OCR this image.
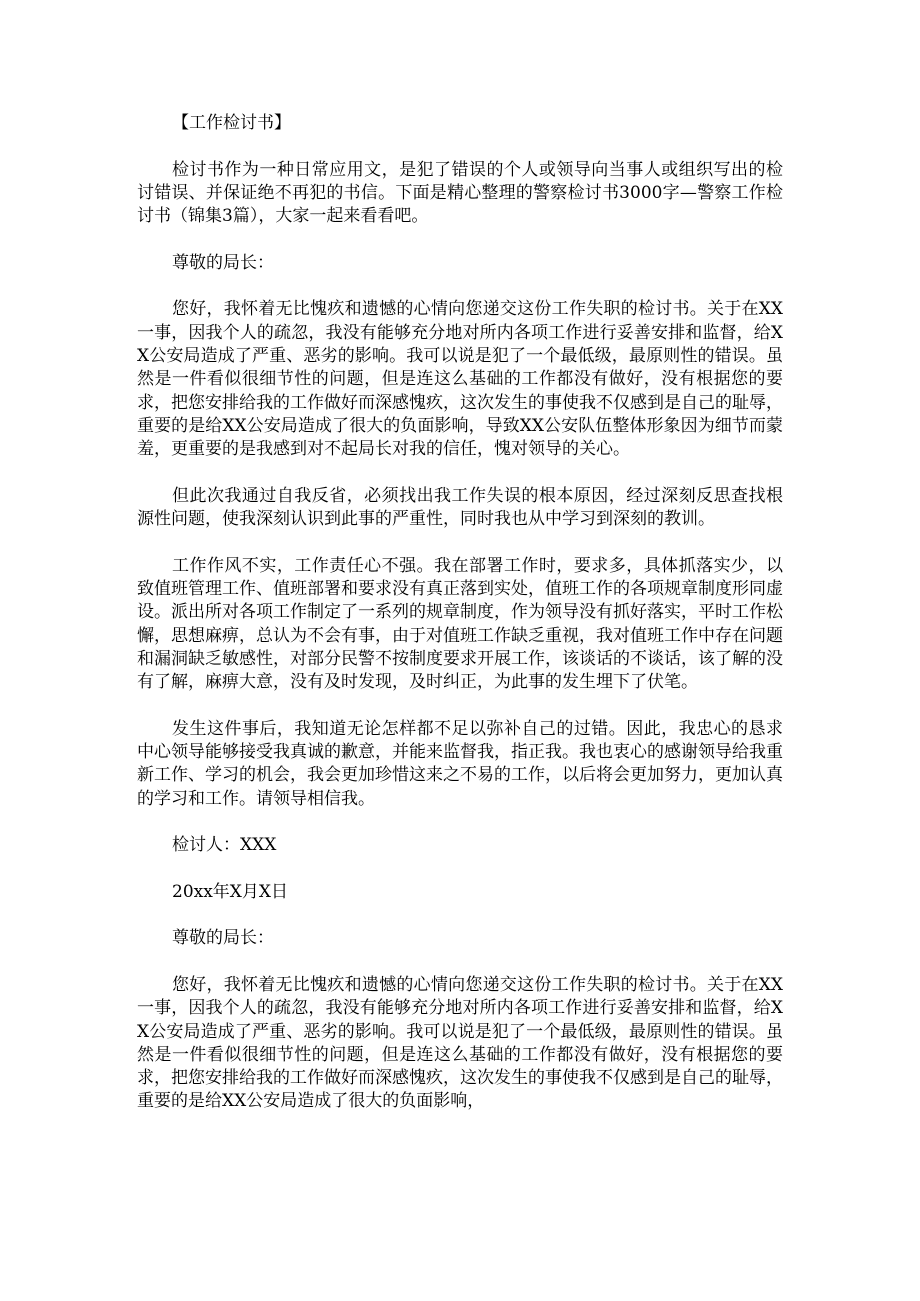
【工作检讨书】

检讨书作为一种日常应用文，是犯了错误的个人或领导向当事人或组织写出的检讨错误、并保证绝不再犯的书信。下面是精心整理的警察检讨书3000字—警察工作检讨书（锦集3篇），大家一起来看看吧。

尊敬的局长：

您好，我怀着无比愧疚和遗憾的心情向您递交这份工作失职的检讨书。关于在XX一事，因我个人的疏忽，我没有能够充分地对所内各项工作进行妥善安排和监督，给XX公安局造成了严重、恶劣的影响。我可以说是犯了一个最低级，最原则性的错误。虽然是一件看似很细节性的问题，但是连这么基础的工作都没有做好，没有根据您的要求，把您安排给我的工作做好而深感愧疚，这次发生的事使我不仅感到是自己的耻辱，重要的是给XX公安局造成了很大的负面影响，导致XX公安队伍整体形象因为细节而蒙羞，更重要的是我感到对不起局长对我的信任，愧对领导的关心。

但此次我通过自我反省，必须找出我工作失误的根本原因，经过深刻反思查找根源性问题，使我深刻认识到此事的严重性，同时我也从中学习到深刻的教训。

工作作风不实，工作责任心不强。我在部署工作时，要求多，具体抓落实少，以致值班管理工作、值班部署和要求没有真正落到实处，值班工作的各项规章制度形同虚设。派出所对各项工作制定了一系列的规章制度，作为领导没有抓好落实，平时工作松懈，思想麻痹，总认为不会有事，由于对值班工作缺乏重视，我对值班工作中存在问题和漏洞缺乏敏感性，对部分民警不按制度要求开展工作，该谈话的不谈话，该了解的没有了解，麻痹大意，没有及时发现，及时纠正，为此事的发生埋下了伏笔。

发生这件事后，我知道无论怎样都不足以弥补自己的过错。因此，我忠心的恳求中心领导能够接受我真诚的歉意，并能来监督我，指正我。我也衷心的感谢领导给我重新工作、学习的机会，我会更加珍惜这来之不易的工作，以后将会更加努力，更加认真的学习和工作。请领导相信我。

检讨人：XXX

20xx年X月X日

尊敬的局长：

您好，我怀着无比愧疚和遗憾的心情向您递交这份工作失职的检讨书。关于在XX一事，因我个人的疏忽，我没有能够充分地对所内各项工作进行妥善安排和监督，给XX公安局造成了严重、恶劣的影响。我可以说是犯了一个最低级，最原则性的错误。虽然是一件看似很细节性的问题，但是连这么基础的工作都没有做好，没有根据您的要求，把您安排给我的工作做好而深感愧疚，这次发生的事使我不仅感到是自己的耻辱，重要的是给XX公安局造成了很大的负面影响，
